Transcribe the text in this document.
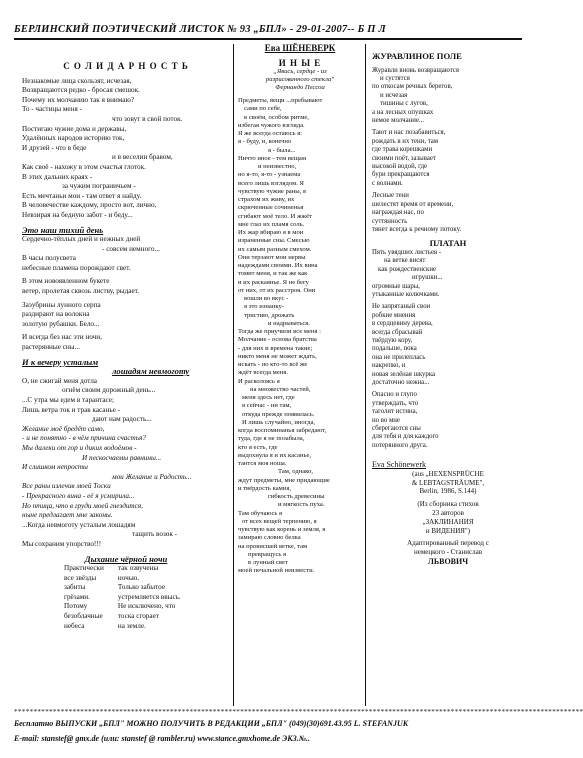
БЕРЛИНСКИЙ ПОЭТИЧЕСКИЙ ЛИСТОК № 93 „БПЛ» - 29-01-2007-- Б П Л
С О Л И Д А Р Н О С Т Ь
Незнакомые лица скользят, исчезая,
Возвращаются редко - бросая смешок.
Почему их молчанию так я внимаю?
То - частицы меня -
что зовут в свой поток.
Постигаю чужие дома и державы,
Удалённых народов историю ток,
И друзей - что в беде
и в веселии бравом,
Как своё - нахожу в этом счастья глоток.
В этих дальних краях -
за чужим пограничьем -
Есть мечтаньи мои - там ответ я найду.
В человечестве каждому, просто вот, лично,
Невзирая на бедную забот - и беду...
Это наш тихий день
Сердечно-тёплых дней и нежных дней
- совсем немного...
В часы полусвета
небесные пламена порождают свет.
В этом новоявленном букете
ветер, пролетая сквозь листву, рыдает.
Заэубрины лунного серпа
раздирают на волокна
золотую рубашки. Бело...
И всегда без нас эти ночи,
растерянные сны...
И к вечеру усталым
лошадям невмоготу
О, не сжигай меня дотла
огнём своим дорожный день...
...С утра мы едем в тарантасе;
Лишь ветра ток и трав касанье -
дают нам радость...
Желание моё бредёт само,
- и не понятно - в чём причина счастья?
Мы далеки от гор и диких водоёмов -
И пескосчаемы равнины...
И слишком непросты
мои Желание и Радость...
Все раны излечив моей Тоски
- Прекрасного вина - её я усмирила...
Но птица, что в груди моей гнездится,
ныне предлагает мне законы.
...Когда невмоготу усталым лошадям
тащить возок -
Мы сохраним упорство!!!
Дыхание чёрной ночи
Практически
все звёзды
забиты
грёзами.
Потому
безоблачные
небеса
так озвучены
ночью.
Только забытое
устремляется ввысь.
Не исключено, что
тоска сгорает
на земле.
Ева ШЁНЕВЕРК
И Н Ы Е
„Явись, сердце - из
разрисованного стекла"
Фернандо Пессоа
Предметы, вещи ...пребывают
сами по себе,
в своём, особом ритме,
избегая чужого взгляда.
Я же всегда остаюсь я:
я - буду, и, конечно
я - была...
Ничто иное - тем вещам
и неизвестно,
но я-то, я-то - узнаема
всего лишь взглядом. Я
чувствую чужие раны, я
страхом их живу, их
скрюченные сочиненья
сгибают моё тело. И жжёт
мне глаз их пламя соль.
Их жар вбираю я в мои
израненные сны. Смесью
их самым разным смехом.
Они терзают мои нервы
надеждами своими. Их вина
томит меня, и так же как
и их раскаянье. Я не бегу
от них, от их расстроя. Они
вошли во вкус -
я это изнанку-
тристию, дрожать
и надрываться.
Тогда же приучили все меня :
Молчание - основа братства
- для них и времена такие;
никто меня не может ждать,
искать - но кто-то всё же
ждёт всегда меня.
И расколоясь я
на множество частей,
меня здесь нет, где
я сейчас - ни там,
откуда прежде появилась.
И лишь случайно, иногда,
когда воспоминанья забредают,
туда, где я не позабыла,
кто я есть, где
выдохнула я и их касанье,
тантся моя ноша.
Там, однако,
ждут предметы, мне придающие
и твёрдость камня,
гибкость древесины
и мягкость пуха.
Там обучаюсь я
от всех вещей терпению, я
чувствую как корень и земля, я
замираю словно белка
на провисшей ветке, там
превращусь я
в лунный свет
моей печальной неизвести.
ЖУРАВЛИНОЕ ПОЛЕ
Журавли вновь возвращаются
и сустятся
по откосам речных берегов,
и исчезая
тишины с лугов,
а на лесных опушках
немое молчание...
Тают и нас позабавиться,
рождать в их тени, там
где трава корешками
своими поёт, зазывает
высокой водой, где
бури прекращаются
с волнами.
Лесные тени
шелестят время от времени,
награждая нас, по
суттянность
тянет всегда к речному потоку.
ПЛАТАН
Пять увядших листьев -
на ветке висят
как рождественские
игрушки...
огромные шары,
утыканные колючками.
Не запрятаный свои
робкие мнения
в сердцевину дерева,
всегда сбрасывай
твёрдую кору,
подальше, пока
она не прилеплась
накрепко, и
новая зелёная шкурка
достаточно нежна...
Опасно и глупо
утверждать, что
таголит истина,
но во мне
сберегаются сны
для тебя и для каждого
потерянного друга.
Eva Schönewerk
(aus „HEXENSPRÜCHE
& LEBTAGSTRÄUME",
Berlin, 1986, S.144)
(Из сборника стихов
23 авторов
„ЗАКЛИНАНИЯ
и ВИДЕНИЯ")
Адаптированный перевод с
немецкого - Станислав
ЛЬВОВИЧ
**************************************************************************************************************************************************
Бесплатно ВЫПУСКИ „БПЛ" МОЖНО ПОЛУЧИТЬ В РЕДАКЦИИ „БПЛ" (049)(30)691.43.95 L. STEFANJUK
E-mail: stanstef@ gmx.de (или: stanstef @ rambler.ru) www.stance.gmxhome.de ЭКЗ.№..
